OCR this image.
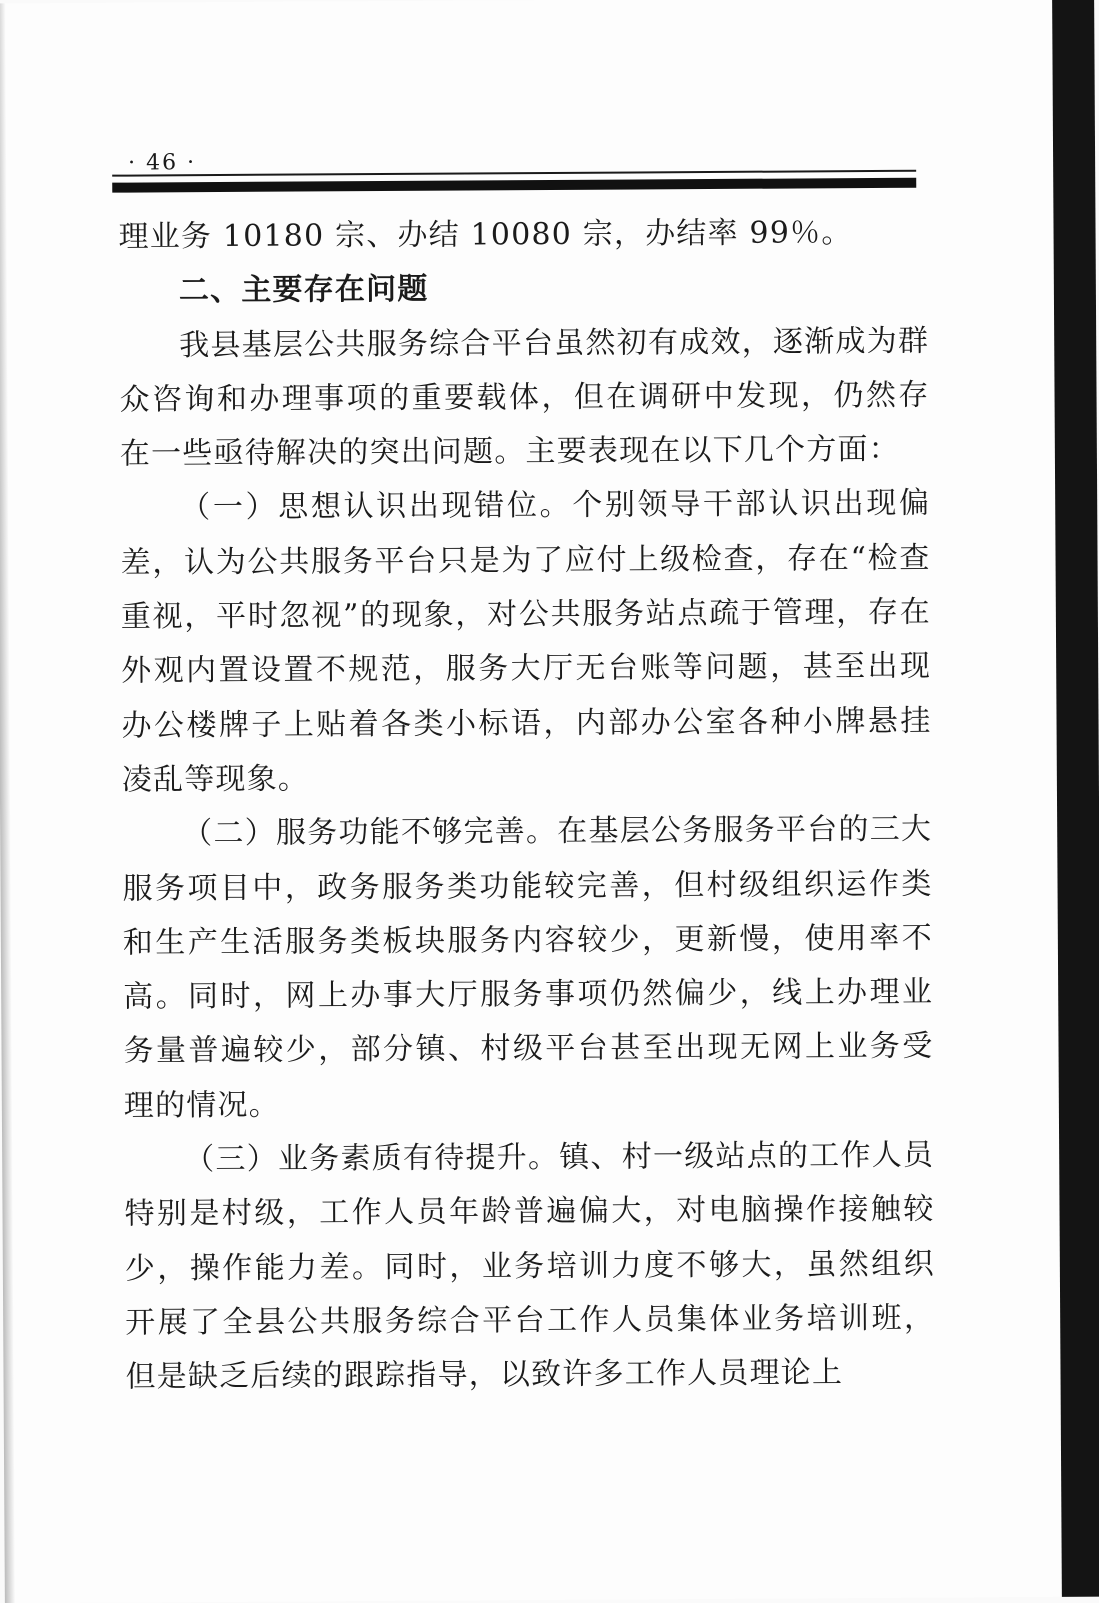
· 46 ·

理业务 10180 宗、办结 10080 宗，办结率 99％。

二、主要存在问题

我县基层公共服务综合平台虽然初有成效，逐渐成为群众咨询和办理事项的重要载体，但在调研中发现，仍然存在一些亟待解决的突出问题。主要表现在以下几个方面：

（一）思想认识出现错位。个别领导干部认识出现偏差，认为公共服务平台只是为了应付上级检查，存在“检查重视，平时忽视”的现象，对公共服务站点疏于管理，存在外观内置设置不规范，服务大厅无台账等问题，甚至出现办公楼牌子上贴着各类小标语，内部办公室各种小牌悬挂凌乱等现象。

（二）服务功能不够完善。在基层公务服务平台的三大服务项目中，政务服务类功能较完善，但村级组织运作类和生产生活服务类板块服务内容较少，更新慢，使用率不高。同时，网上办事大厅服务事项仍然偏少，线上办理业务量普遍较少，部分镇、村级平台甚至出现无网上业务受理的情况。

（三）业务素质有待提升。镇、村一级站点的工作人员特别是村级，工作人员年龄普遍偏大，对电脑操作接触较少，操作能力差。同时，业务培训力度不够大，虽然组织开展了全县公共服务综合平台工作人员集体业务培训班，但是缺乏后续的跟踪指导，以致许多工作人员理论上
